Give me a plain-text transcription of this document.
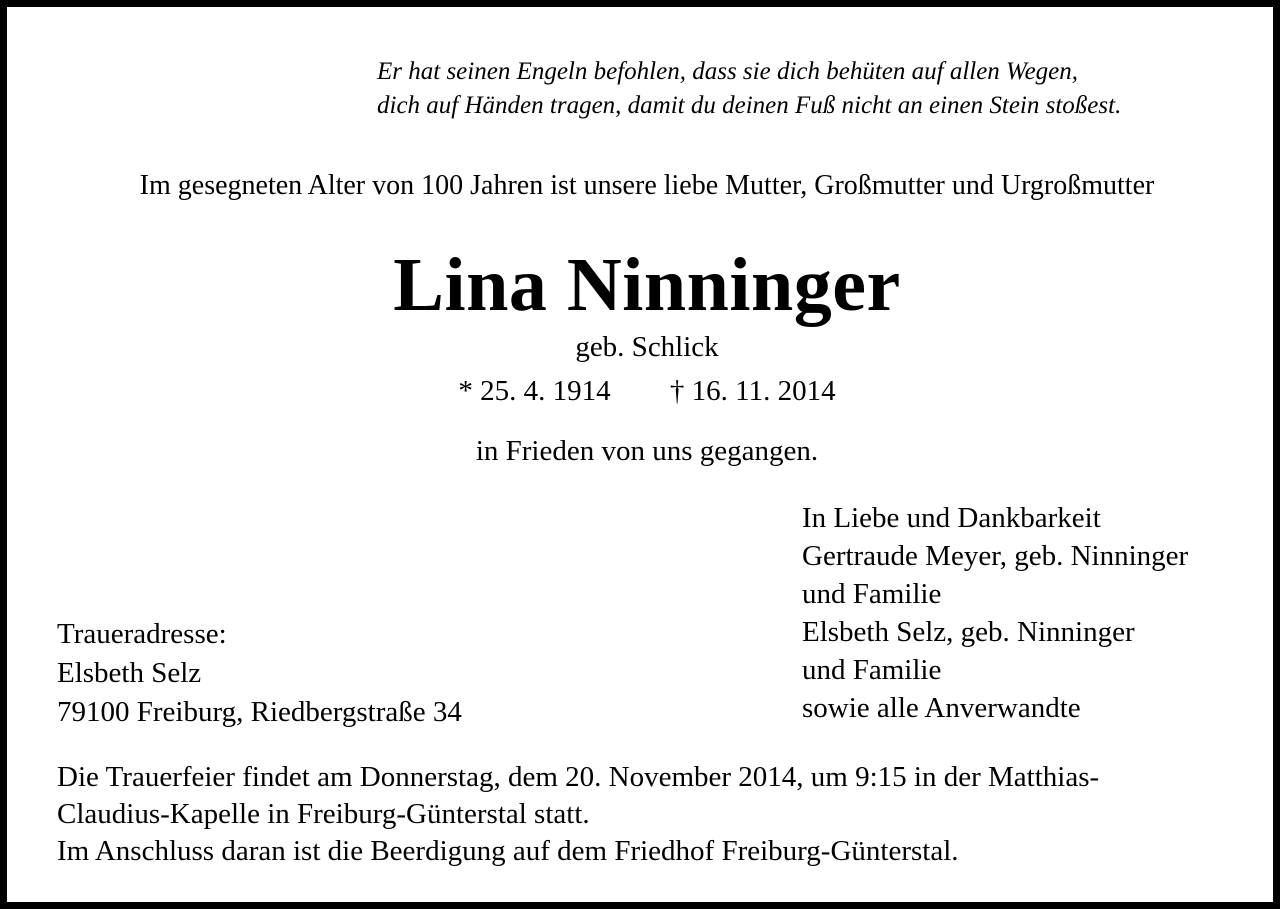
Er hat seinen Engeln befohlen, dass sie dich behüten auf allen Wegen,
dich auf Händen tragen, damit du deinen Fuß nicht an einen Stein stoßest.
Im gesegneten Alter von 100 Jahren ist unsere liebe Mutter, Großmutter und Urgroßmutter
Lina Ninninger
geb. Schlick
* 25. 4. 1914 † 16. 11. 2014
in Frieden von uns gegangen.
In Liebe und Dankbarkeit
Gertraude Meyer, geb. Ninninger
und Familie
Elsbeth Selz, geb. Ninninger
und Familie
sowie alle Anverwandte
Traueradresse:
Elsbeth Selz
79100 Freiburg, Riedbergstraße 34
Die Trauerfeier findet am Donnerstag, dem 20. November 2014, um 9:15 in der Matthias-
Claudius-Kapelle in Freiburg-Günterstal statt.
Im Anschluss daran ist die Beerdigung auf dem Friedhof Freiburg-Günterstal.
